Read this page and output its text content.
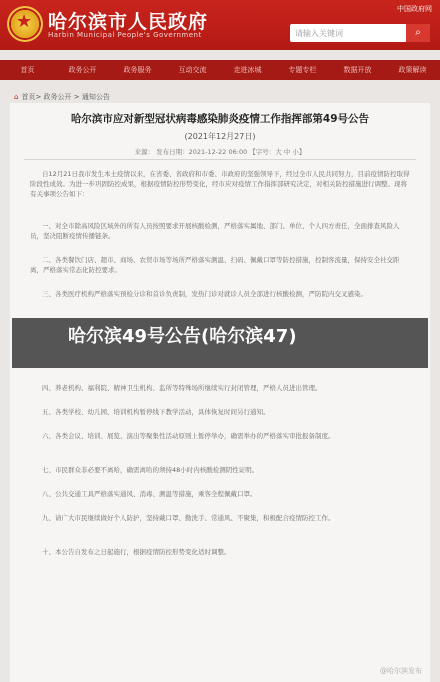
★
哈尔滨市人民政府
Harbin Municipal People's Government
中国政府网
请输入关键词	⌕
首页	政务公开	政务服务	互动交流	走进冰城	专题专栏	数据开放	政策解读
⌂ 首页> 政务公开 > 通知公告
哈尔滨市应对新型冠状病毒感染肺炎疫情工作指挥部第49号公告
(2021年12月27日)
来源： 发布日期：2021-12-22 06:00 【字号：大 中 小】
自12月21日我市发生本土疫情以来，在省委、省政府和市委、市政府的坚强领导下，经过全市人民共同努力，目前疫情防控取得阶段性成效。为进一步巩固防控成果，根据疫情防控形势变化，经市应对疫情工作指挥部研究决定，对相关防控措施进行调整。现将有关事项公告如下：
一、对全市除高风险区域外的所有人员按照要求开展核酸检测，严格落实属地、部门、单位、个人四方责任，全面排查风险人员，坚决阻断疫情传播链条。
二、各类餐饮门店、超市、商场、农贸市场等场所严格落实测温、扫码、佩戴口罩等防控措施，控制客流量，保持安全社交距离，严格落实常态化防控要求。
三、各类医疗机构严格落实预检分诊和首诊负责制，发热门诊对就诊人员全部进行核酸检测，严防院内交叉感染。
四、养老机构、福利院、精神卫生机构、监所等特殊场所继续实行封闭管理，严格人员进出管理。
五、各类学校、幼儿园、培训机构暂停线下教学活动，具体恢复时间另行通知。
六、各类会议、培训、展览、演出等聚集性活动原则上暂停举办，确需举办的严格落实审批报备制度。
七、市民群众非必要不离哈，确需离哈的须持48小时内核酸检测阴性证明。
八、公共交通工具严格落实通风、消毒、测温等措施，乘客全程佩戴口罩。
九、请广大市民继续做好个人防护，坚持戴口罩、勤洗手、常通风、不聚集，积极配合疫情防控工作。
十、本公告自发布之日起施行，根据疫情防控形势变化适时调整。
哈尔滨49号公告(哈尔滨47)
@哈尔滨发布
